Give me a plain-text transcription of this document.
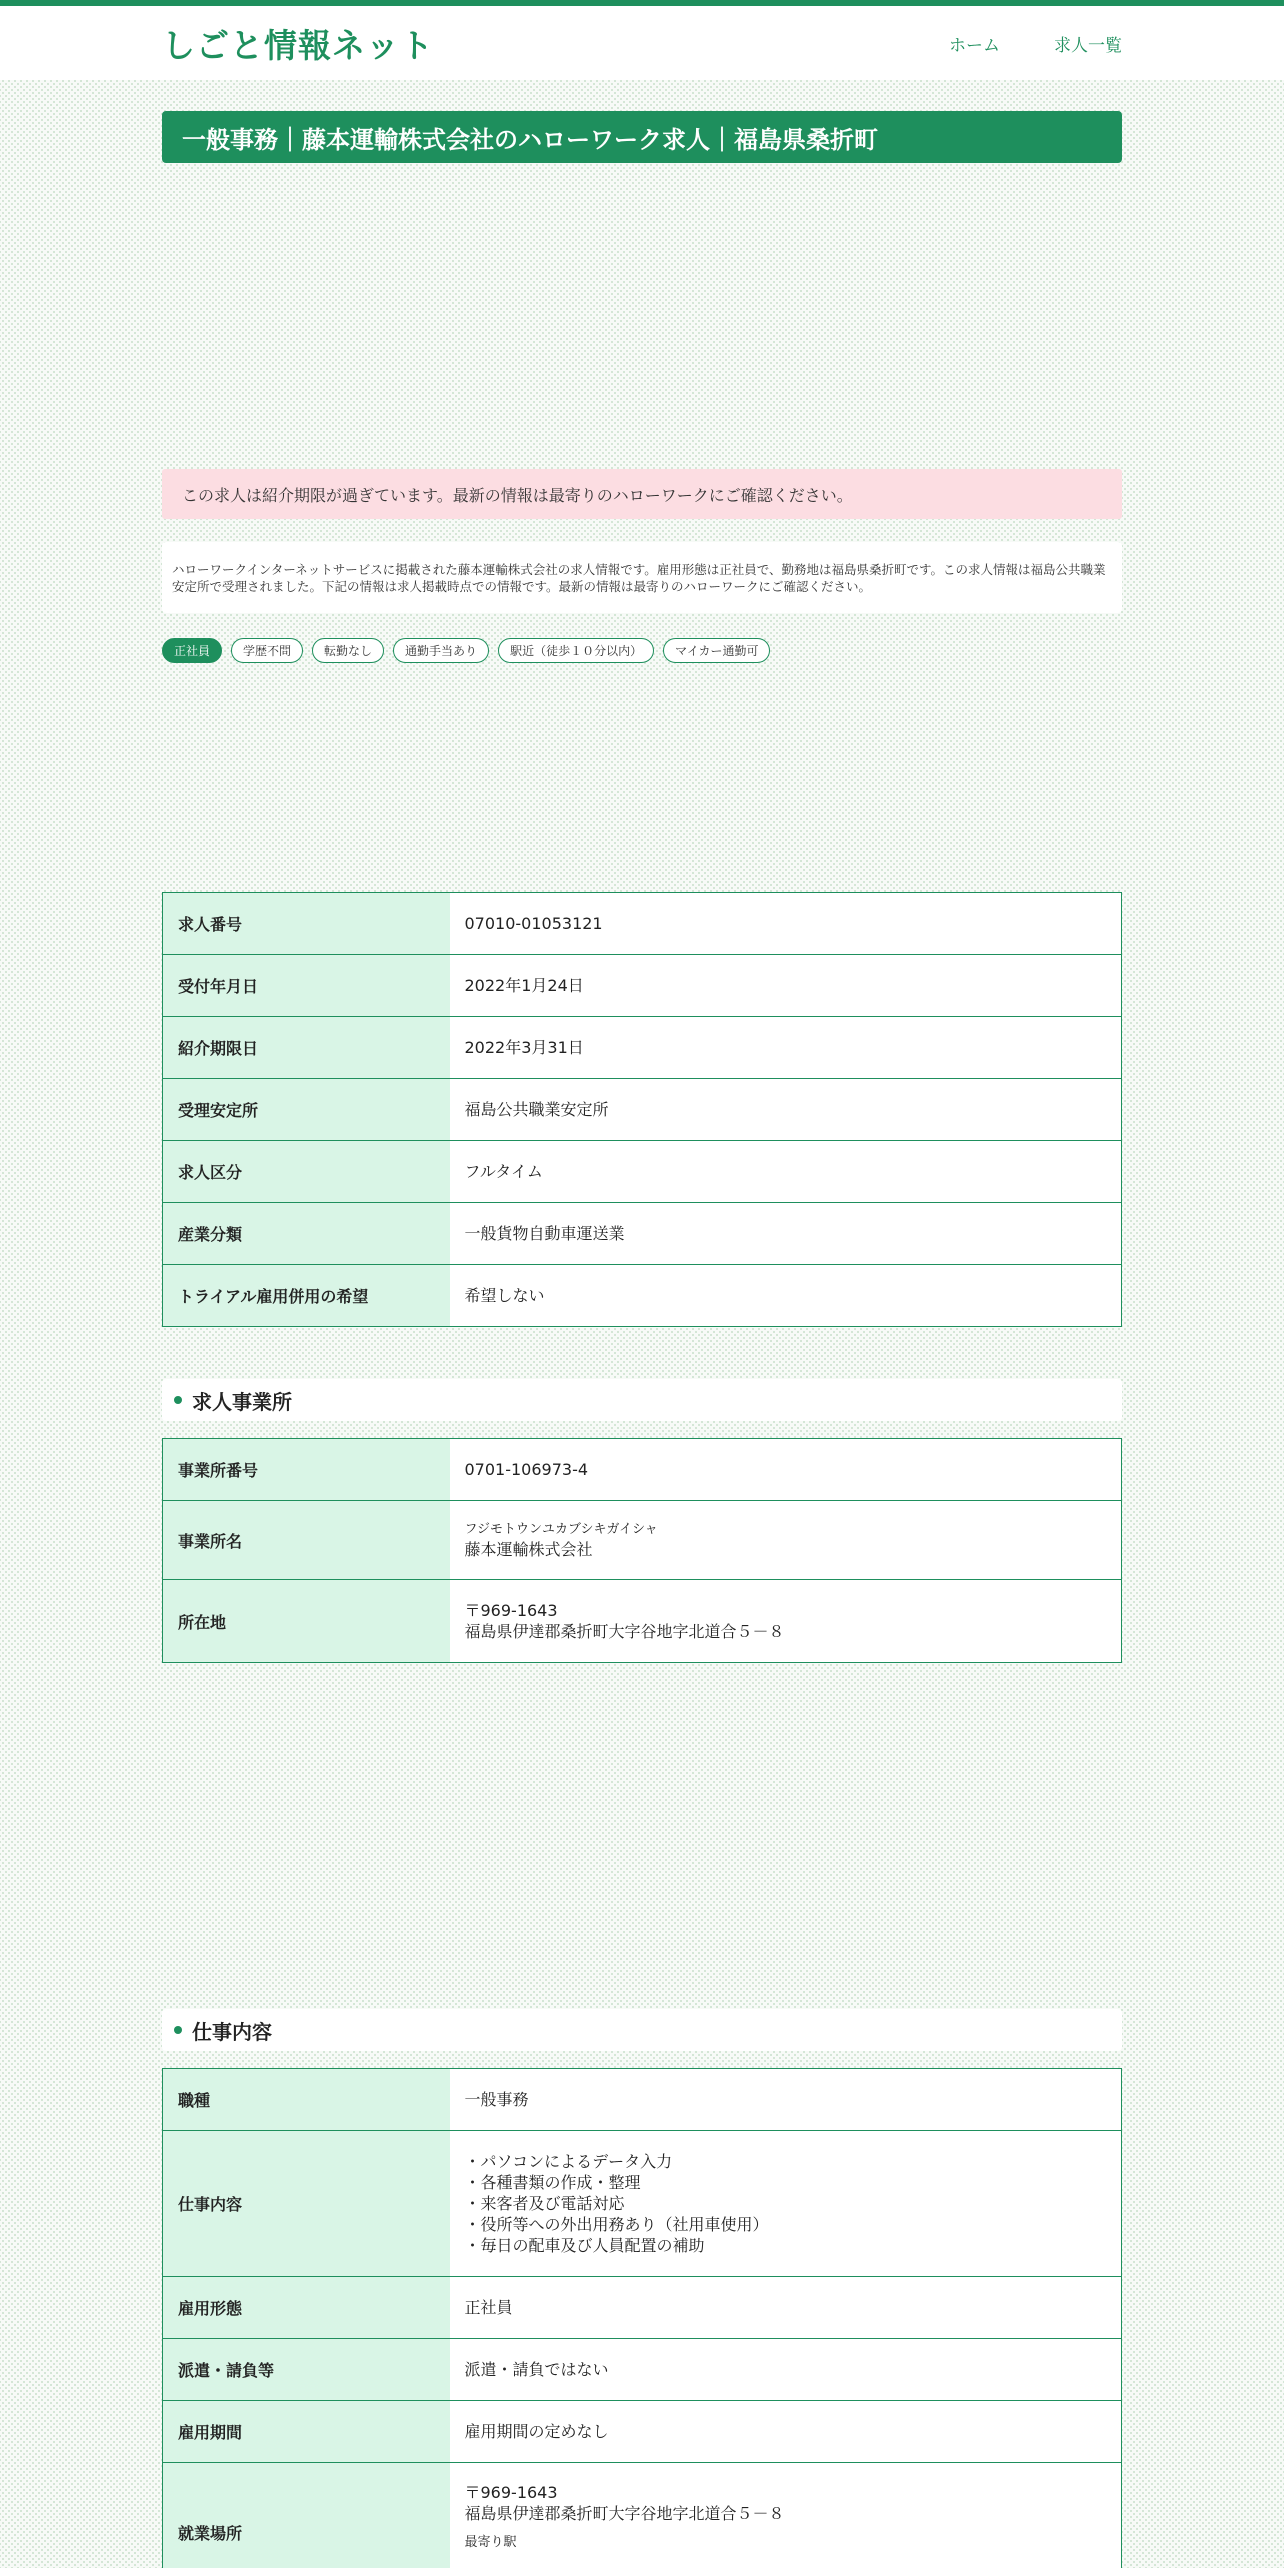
しごと情報ネット	ホーム	求人一覧
一般事務｜藤本運輸株式会社のハローワーク求人｜福島県桑折町
この求人は紹介期限が過ぎています。最新の情報は最寄りのハローワークにご確認ください。

ハローワークインターネットサービスに掲載された藤本運輸株式会社の求人情報です。雇用形態は正社員で、勤務地は福島県桑折町です。この求人情報は福島公共職業安定所で受理されました。下記の情報は求人掲載時点での情報です。最新の情報は最寄りのハローワークにご確認ください。

正社員	学歴不問	転勤なし	通勤手当あり	駅近（徒歩１０分以内）	マイカー通勤可
求人番号	07010-01053121
受付年月日	2022年1月24日
紹介期限日	2022年3月31日
受理安定所	福島公共職業安定所
求人区分	フルタイム
産業分類	一般貨物自動車運送業
トライアル雇用併用の希望	希望しない
求人事業所
事業所番号	0701-106973-4
事業所名	フジモトウンユカブシキガイシャ
藤本運輸株式会社
所在地	〒969-1643
福島県伊達郡桑折町大字谷地字北道合５－８
仕事内容
職種	一般事務
仕事内容	・パソコンによるデータ入力
・各種書類の作成・整理
・来客者及び電話対応
・役所等への外出用務あり（社用車使用）
・毎日の配車及び人員配置の補助

雇用形態	正社員
派遣・請負等	派遣・請負ではない
雇用期間	雇用期間の定めなし
就業場所	〒969-1643
福島県伊達郡桑折町大字谷地字北道合５－８
最寄り駅
